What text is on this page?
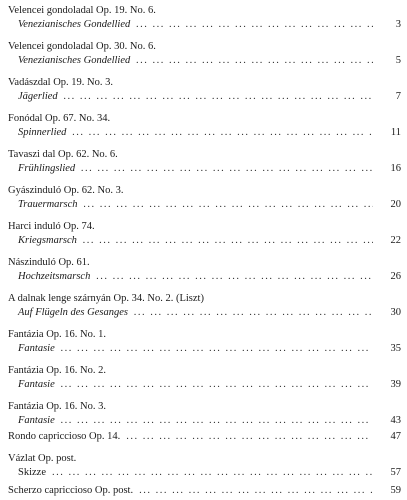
Velencei gondoladal Op. 19. No. 6.
Venezianisches Gondellied ... .	3
Velencei gondoladal Op. 30. No. 6.
Venezianisches Gondellied ... .	5
Vadászdal Op. 19. No. 3.
Jägerlied ... .	7
Fonódal Op. 67. No. 34.
Spinnerlied ... .	11
Tavaszi dal Op. 62. No. 6.
Frühlingslied ... .	16
Gyászinduló Op. 62. No. 3.
Trauermarsch ... .	20
Harci induló Op. 74.
Kriegsmarsch ... .	22
Nászinduló Op. 61.
Hochzeitsmarsch ... .	26
A dalnak lenge szárnyán Op. 34. No. 2. (Liszt)
Auf Flügeln des Gesanges ... .	30
Fantázia Op. 16. No. 1.
Fantasie ... .	35
Fantázia Op. 16. No. 2.
Fantasie ... .	39
Fantázia Op. 16. No. 3.
Fantasie ... .	43
Rondo capriccioso Op. 14. ... .	47
Vázlat Op. post.
Skizze ... .	57
Scherzo capriccioso Op. post. ... .	59
